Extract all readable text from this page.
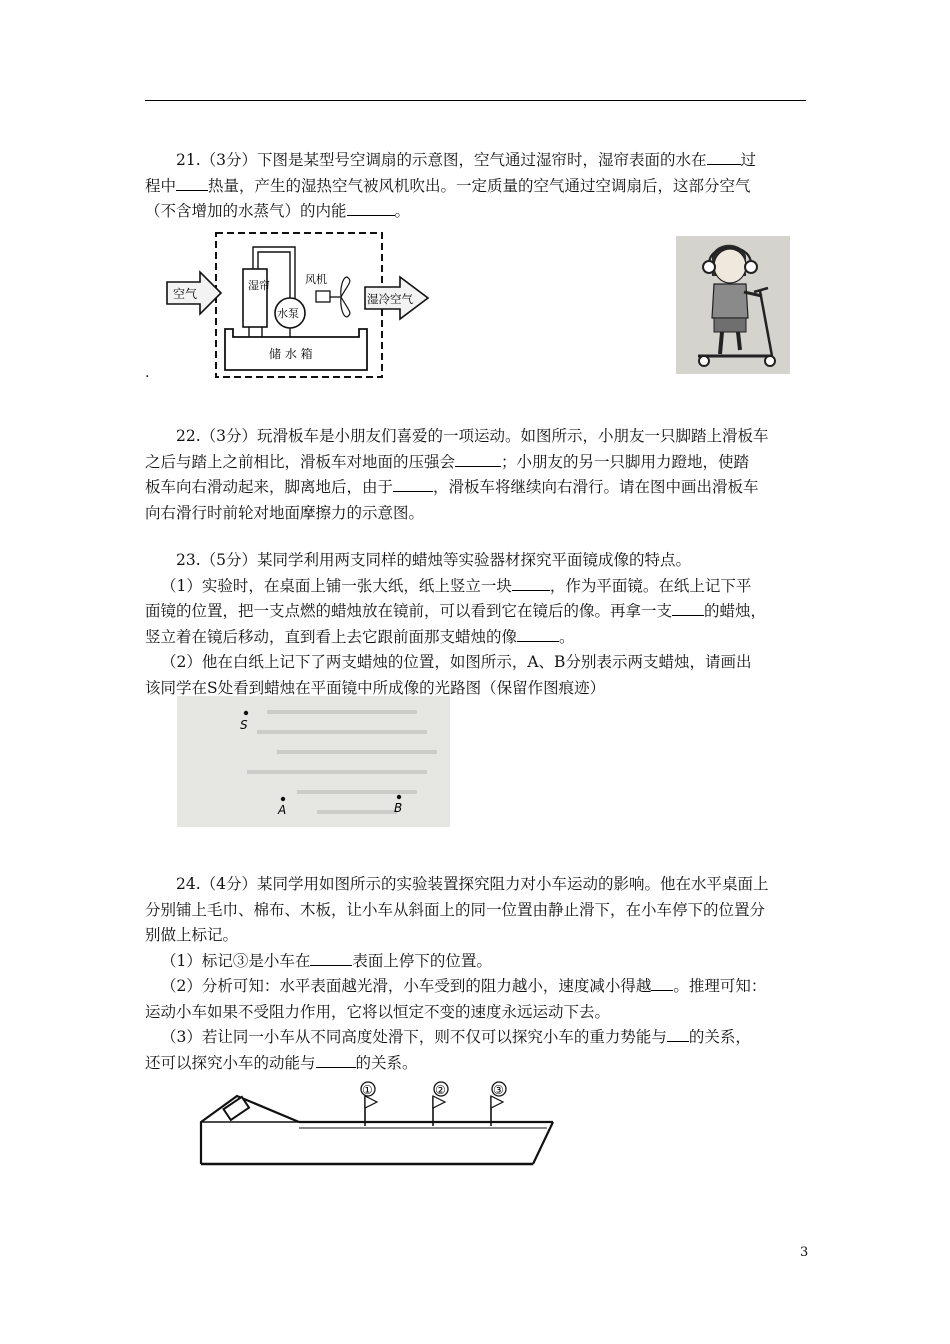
21.（3分）下图是某型号空调扇的示意图，空气通过湿帘时，湿帘表面的水在 过

程中 热量，产生的湿热空气被风机吹出。一定质量的空气通过空调扇后，这部分空气

（不含增加的水蒸气）的内能	。

空气
湿帘
水泵
风机
湿冷空气
储 水 箱
.

22.（3分）玩滑板车是小朋友们喜爱的一项运动。如图所示，小朋友一只脚踏上滑板车

之后与踏上之前相比，滑板车对地面的压强会	；小朋友的另一只脚用力蹬地，使踏

板车向右滑动起来，脚离地后，由于	，滑板车将继续向右滑行。请在图中画出滑板车

向右滑行时前轮对地面摩擦力的示意图。

23.（5分）某同学利用两支同样的蜡烛等实验器材探究平面镜成像的特点。

（1）实验时，在桌面上铺一张大纸，纸上竖立一块 ，作为平面镜。在纸上记下平

面镜的位置，把一支点燃的蜡烛放在镜前，可以看到它在镜后的像。再拿一支 的蜡烛，

竖立着在镜后移动，直到看上去它跟前面那支蜡烛的像	。

（2）他在白纸上记下了两支蜡烛的位置，如图所示，A、B分别表示两支蜡烛，请画出

该同学在S处看到蜡烛在平面镜中所成像的光路图（保留作图痕迹）

S
A	B

24.（4分）某同学用如图所示的实验装置探究阻力对小车运动的影响。他在水平桌面上

分别铺上毛巾、棉布、木板，让小车从斜面上的同一位置由静止滑下，在小车停下的位置分

别做上标记。

（1）标记③是小车在	表面上停下的位置。

（2）分析可知：水平表面越光滑，小车受到的阻力越小，速度减小得越 。推理可知：

运动小车如果不受阻力作用，它将以恒定不变的速度永远运动下去。

（3）若让同一小车从不同高度处滑下，则不仅可以探究小车的重力势能与 的关系，

还可以探究小车的动能与	的关系。

①	②	③
3
